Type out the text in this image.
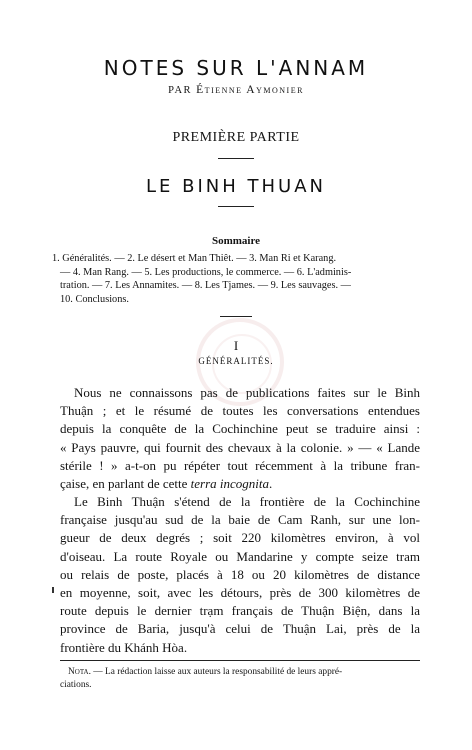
NOTES SUR L'ANNAM
PAR Étienne Aymonier
PREMIÈRE PARTIE
LE BINH THUAN
Sommaire
1. Généralités. — 2. Le désert et Man Thiêt. — 3. Man Ri et Karang.
— 4. Man Rang. — 5. Les productions, le commerce. — 6. L'adminis-
tration. — 7. Les Annamites. — 8. Les Tjames. — 9. Les sauvages. —
10. Conclusions.
I
GÉNÉRALITÉS.
Nous ne connaissons pas de publications faites sur le Binh
Thuận ; et le résumé de toutes les conversations entendues
depuis la conquête de la Cochinchine peut se traduire ainsi :
« Pays pauvre, qui fournit des chevaux à la colonie. » — « Lande
stérile ! » a-t-on pu répéter tout récemment à la tribune fran-
çaise, en parlant de cette terra incognita.
Le Binh Thuận s'étend de la frontière de la Cochinchine
française jusqu'au sud de la baie de Cam Ranh, sur une lon-
gueur de deux degrés ; soit 220 kilomètres environ, à vol
d'oiseau. La route Royale ou Mandarine y compte seize tram
ou relais de poste, placés à 18 ou 20 kilomètres de distance
en moyenne, soit, avec les détours, près de 300 kilomètres de
route depuis le dernier trạm français de Thuận Biện, dans la
province de Baria, jusqu'à celui de Thuận Lai, près de la
frontière du Khánh Hòa.
Nota. — La rédaction laisse aux auteurs la responsabilité de leurs appré-
ciations.
